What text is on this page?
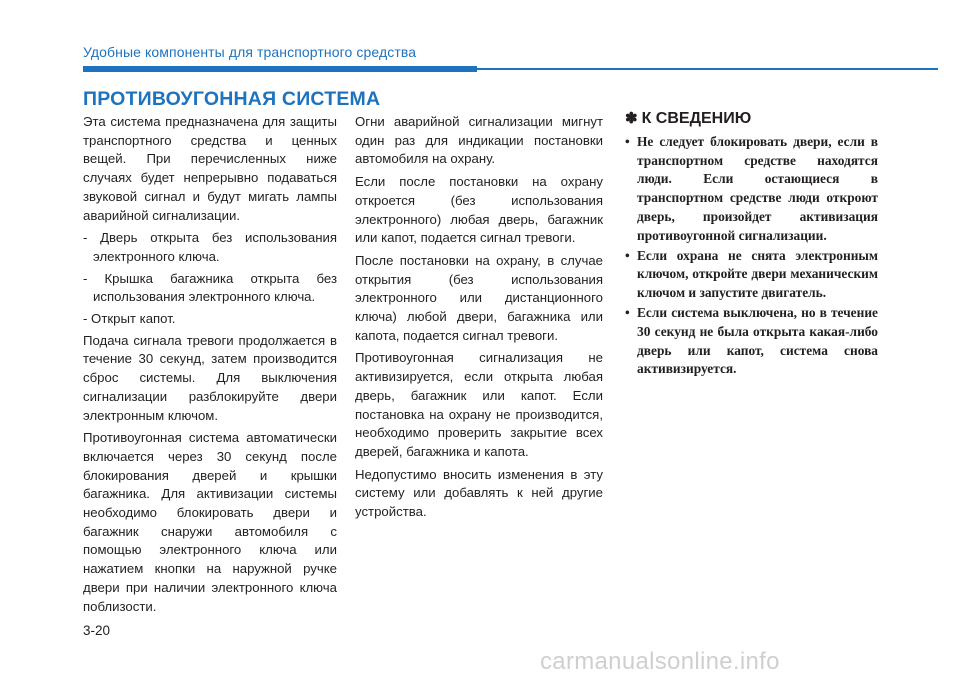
Удобные компоненты для транспортного средства
ПРОТИВОУГОННАЯ СИСТЕМА

Эта система предназначена для защиты транспортного средства и ценных вещей. При перечисленных ниже случаях будет непрерывно подаваться звуковой сигнал и будут мигать лампы аварийной сигнализации.

- Дверь открыта без использования электронного ключа.

- Крышка багажника открыта без использования электронного ключа.

- Открыт капот.

Подача сигнала тревоги продолжается в течение 30 секунд, затем производится сброс системы. Для выключения сигнализации разблокируйте двери электронным ключом.

Противоугонная система автоматически включается через 30 секунд после блокирования дверей и крышки багажника. Для активизации системы необходимо блокировать двери и багажник снаружи автомобиля с помощью электронного ключа или нажатием кнопки на наружной ручке двери при наличии электронного ключа поблизости.

Огни аварийной сигнализации мигнут один раз для индикации постановки автомобиля на охрану.

Если после постановки на охрану откроется (без использования электронного) любая дверь, багажник или капот, подается сигнал тревоги.

После постановки на охрану, в случае открытия (без использования электронного или дистанционного ключа) любой двери, багажника или капота, подается сигнал тревоги.

Противоугонная сигнализация не активизируется, если открыта любая дверь, багажник или капот. Если постановка на охрану не производится, необходимо проверить закрытие всех дверей, багажника и капота.

Недопустимо вносить изменения в эту систему или добавлять к ней другие устройства.

✽ К СВЕДЕНИЮ
• Не следует блокировать двери, если в транспортном средстве находятся люди. Если остающиеся в транспортном средстве люди откроют дверь, произойдет активизация противоугонной сигнализации.
• Если охрана не снята электронным ключом, откройте двери механическим ключом и запустите двигатель.
• Если система выключена, но в течение 30 секунд не была открыта какая-либо дверь или капот, система снова активизируется.
3-20
carmanualsonline.info
